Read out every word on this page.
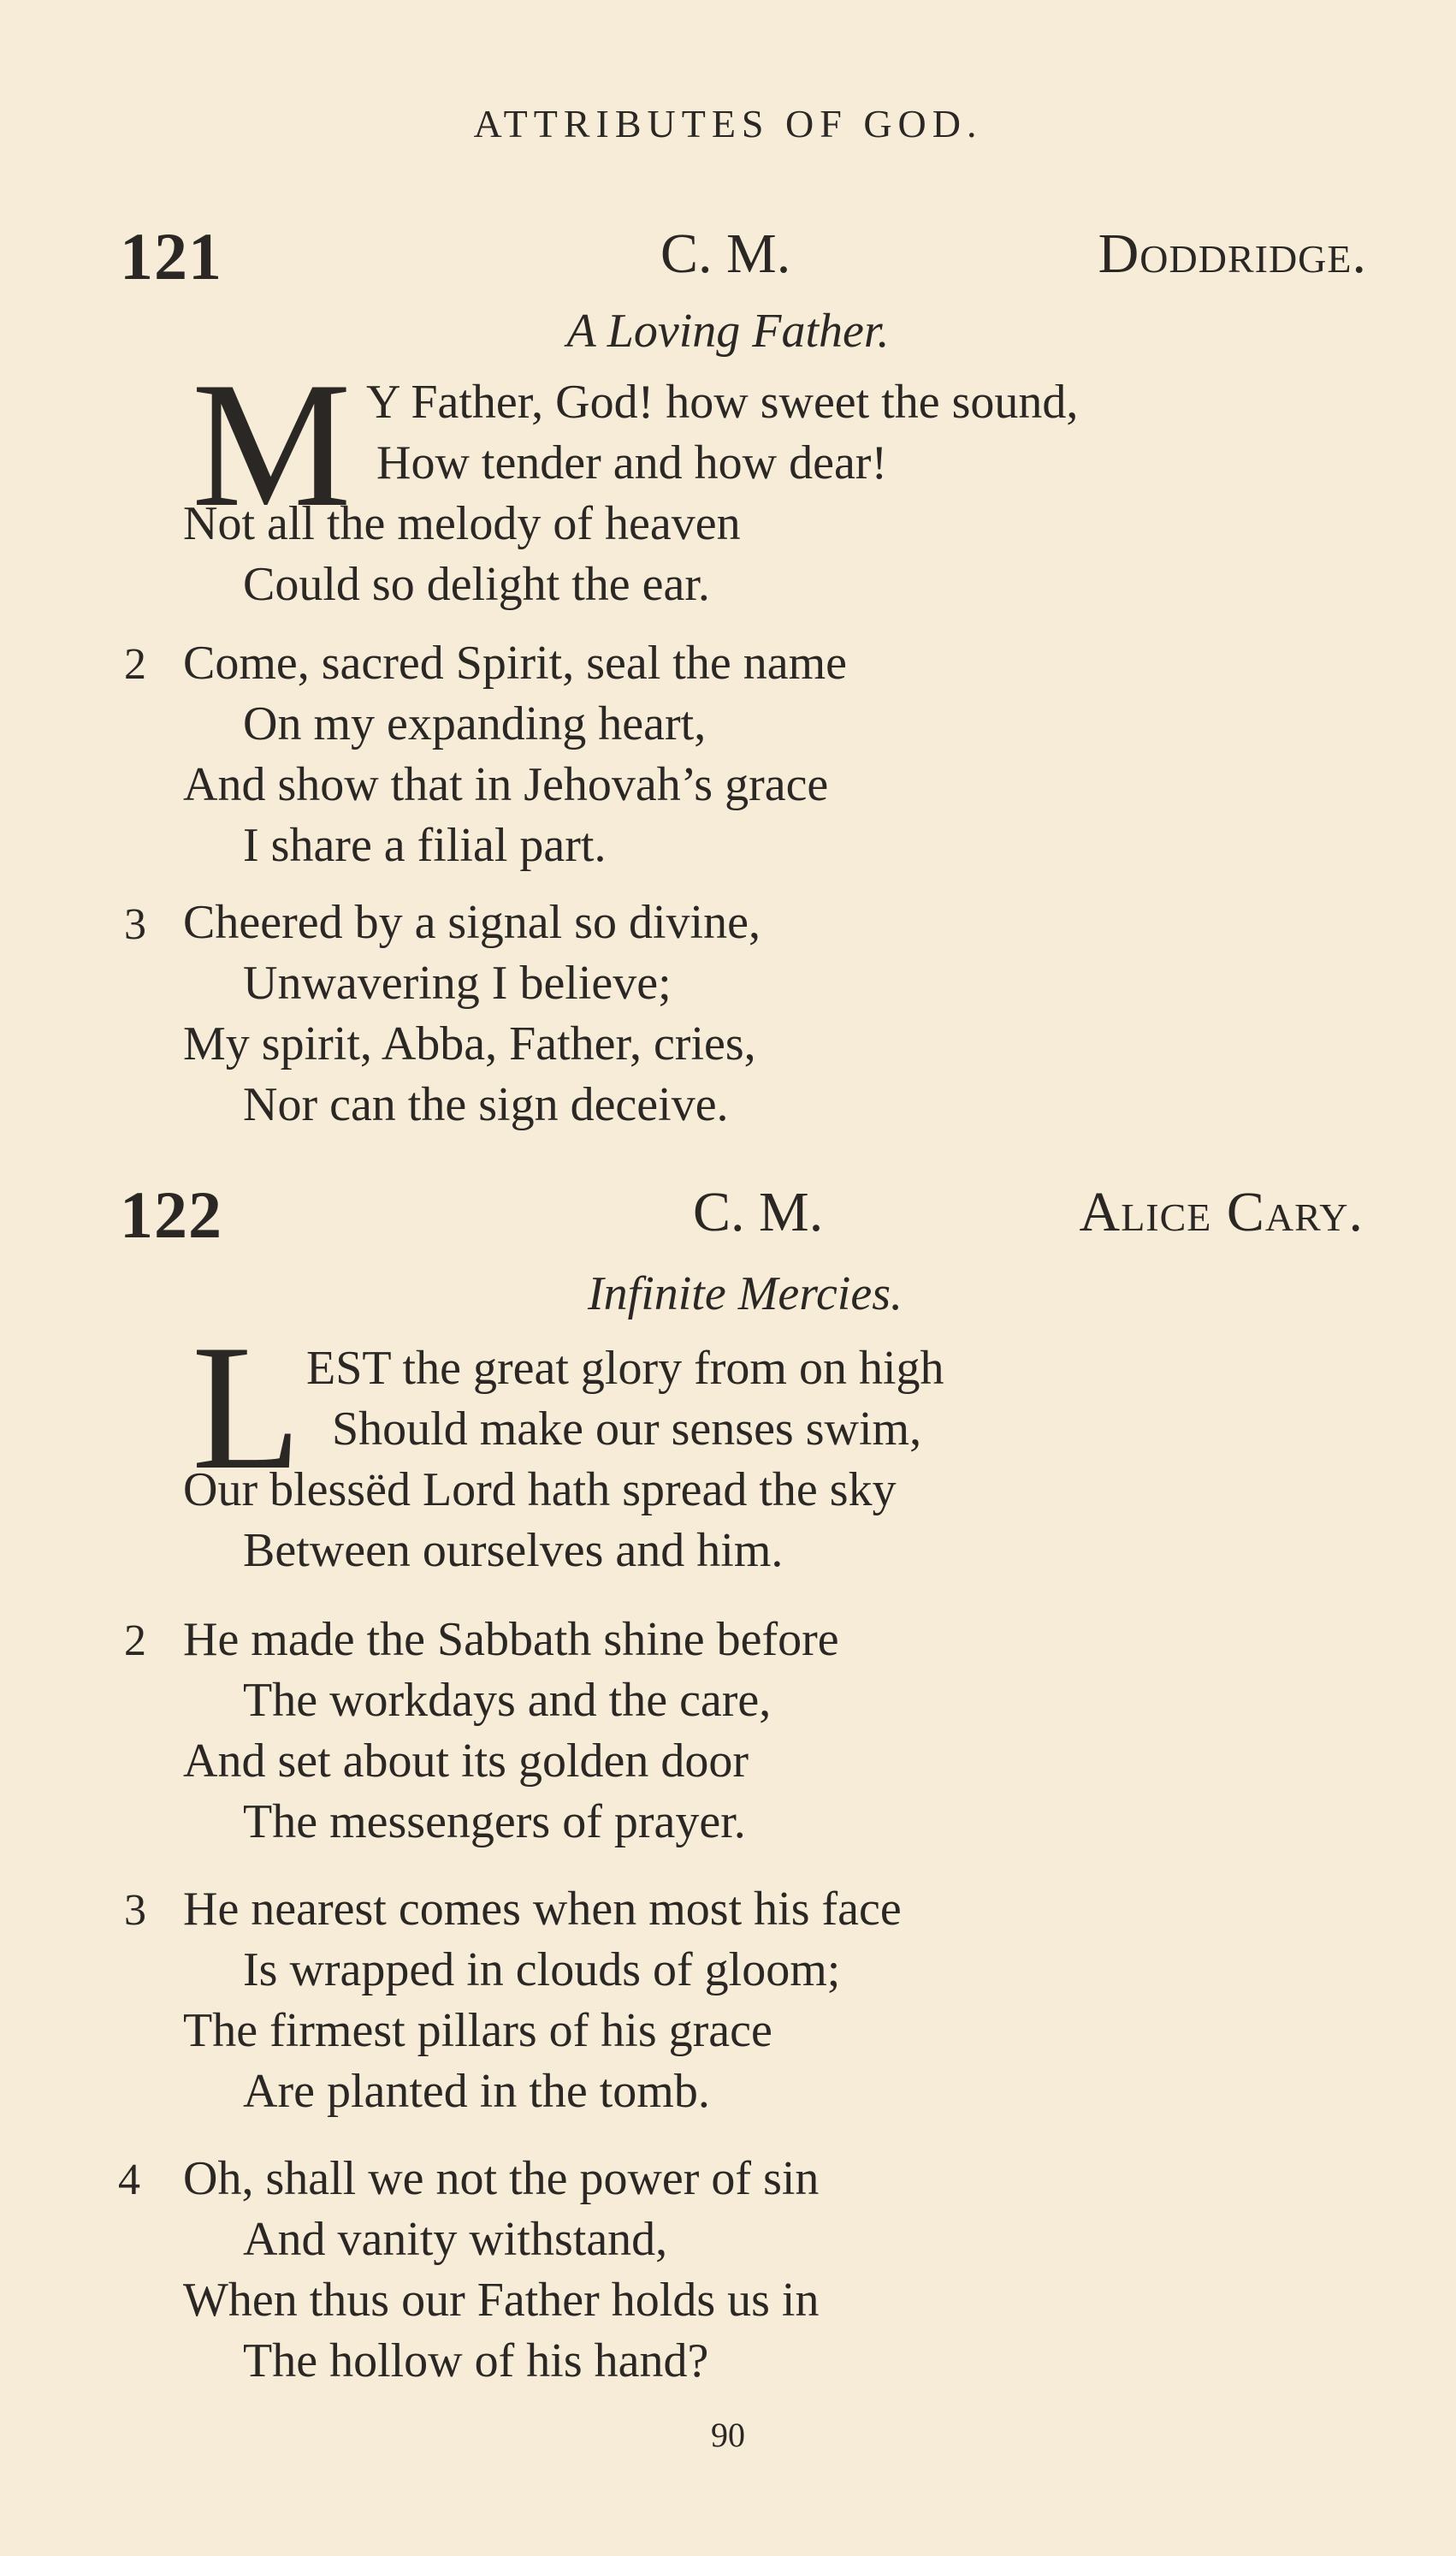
ATTRIBUTES OF GOD.
121	C. M.	Doddridge.
A Loving Father.
M Y Father, God! how sweet the sound,
How tender and how dear!
Not all the melody of heaven
Could so delight the ear.
2 Come, sacred Spirit, seal the name
On my expanding heart,
And show that in Jehovah’s grace
I share a filial part.
3 Cheered by a signal so divine,
Unwavering I believe;
My spirit, Abba, Father, cries,
Nor can the sign deceive.
122	C. M.	Alice Cary.
Infinite Mercies.
L EST the great glory from on high
Should make our senses swim,
Our blessëd Lord hath spread the sky
Between ourselves and him.
2 He made the Sabbath shine before
The workdays and the care,
And set about its golden door
The messengers of prayer.
3 He nearest comes when most his face
Is wrapped in clouds of gloom;
The firmest pillars of his grace
Are planted in the tomb.
4 Oh, shall we not the power of sin
And vanity withstand,
When thus our Father holds us in
The hollow of his hand?
90
